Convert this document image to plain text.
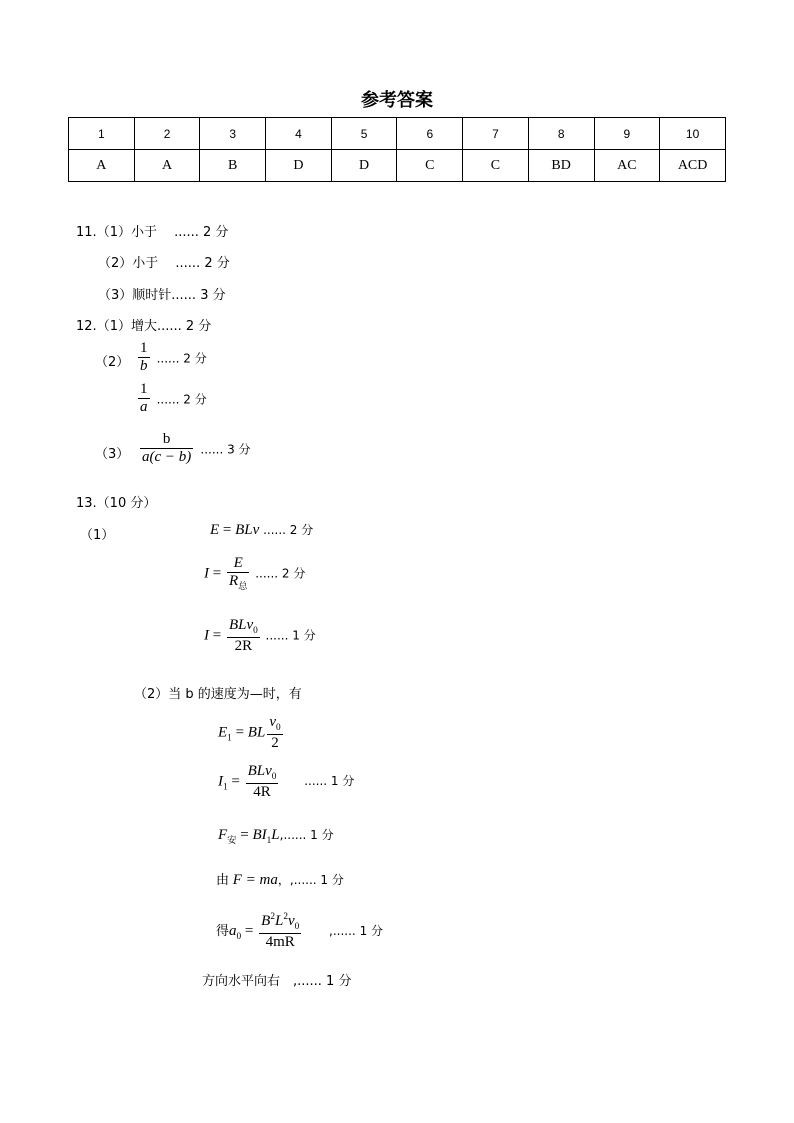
参考答案
1	2	3	4	5	6	7	8	9	10
A	A	B	D	D	C	C	BD	AC	ACD
11.（1）小于　 ...... 2 分
（2）小于　 ...... 2 分
（3）顺时针...... 3 分
12.（1）增大...... 2 分
$(2) \frac{1}{b}$ ...... 2 分
$\frac{1}{a}$ ...... 2 分
$(3) \frac{b}{a(c - b)}$ ...... 3 分
13.（10 分）
（1）	E = BLv ...... 2 分
$I = \frac{E}{R_总}$ ...... 2 分
$I = \frac{BLv_0}{2R}$ ...... 1 分
（2）当 b 的速度为—时，有
$E_1$ = BL $\frac{v_0}{2}$
$I_1 = \frac{BLv_0}{4R}$ ...... 1 分
$F_安 = BI_1L$,...... 1 分
由 F = ma，,...... 1 分
得$a_0 = \frac{B^2L^2v_0}{4mR}$ ,...... 1 分
方向水平向右　,...... 1 分
